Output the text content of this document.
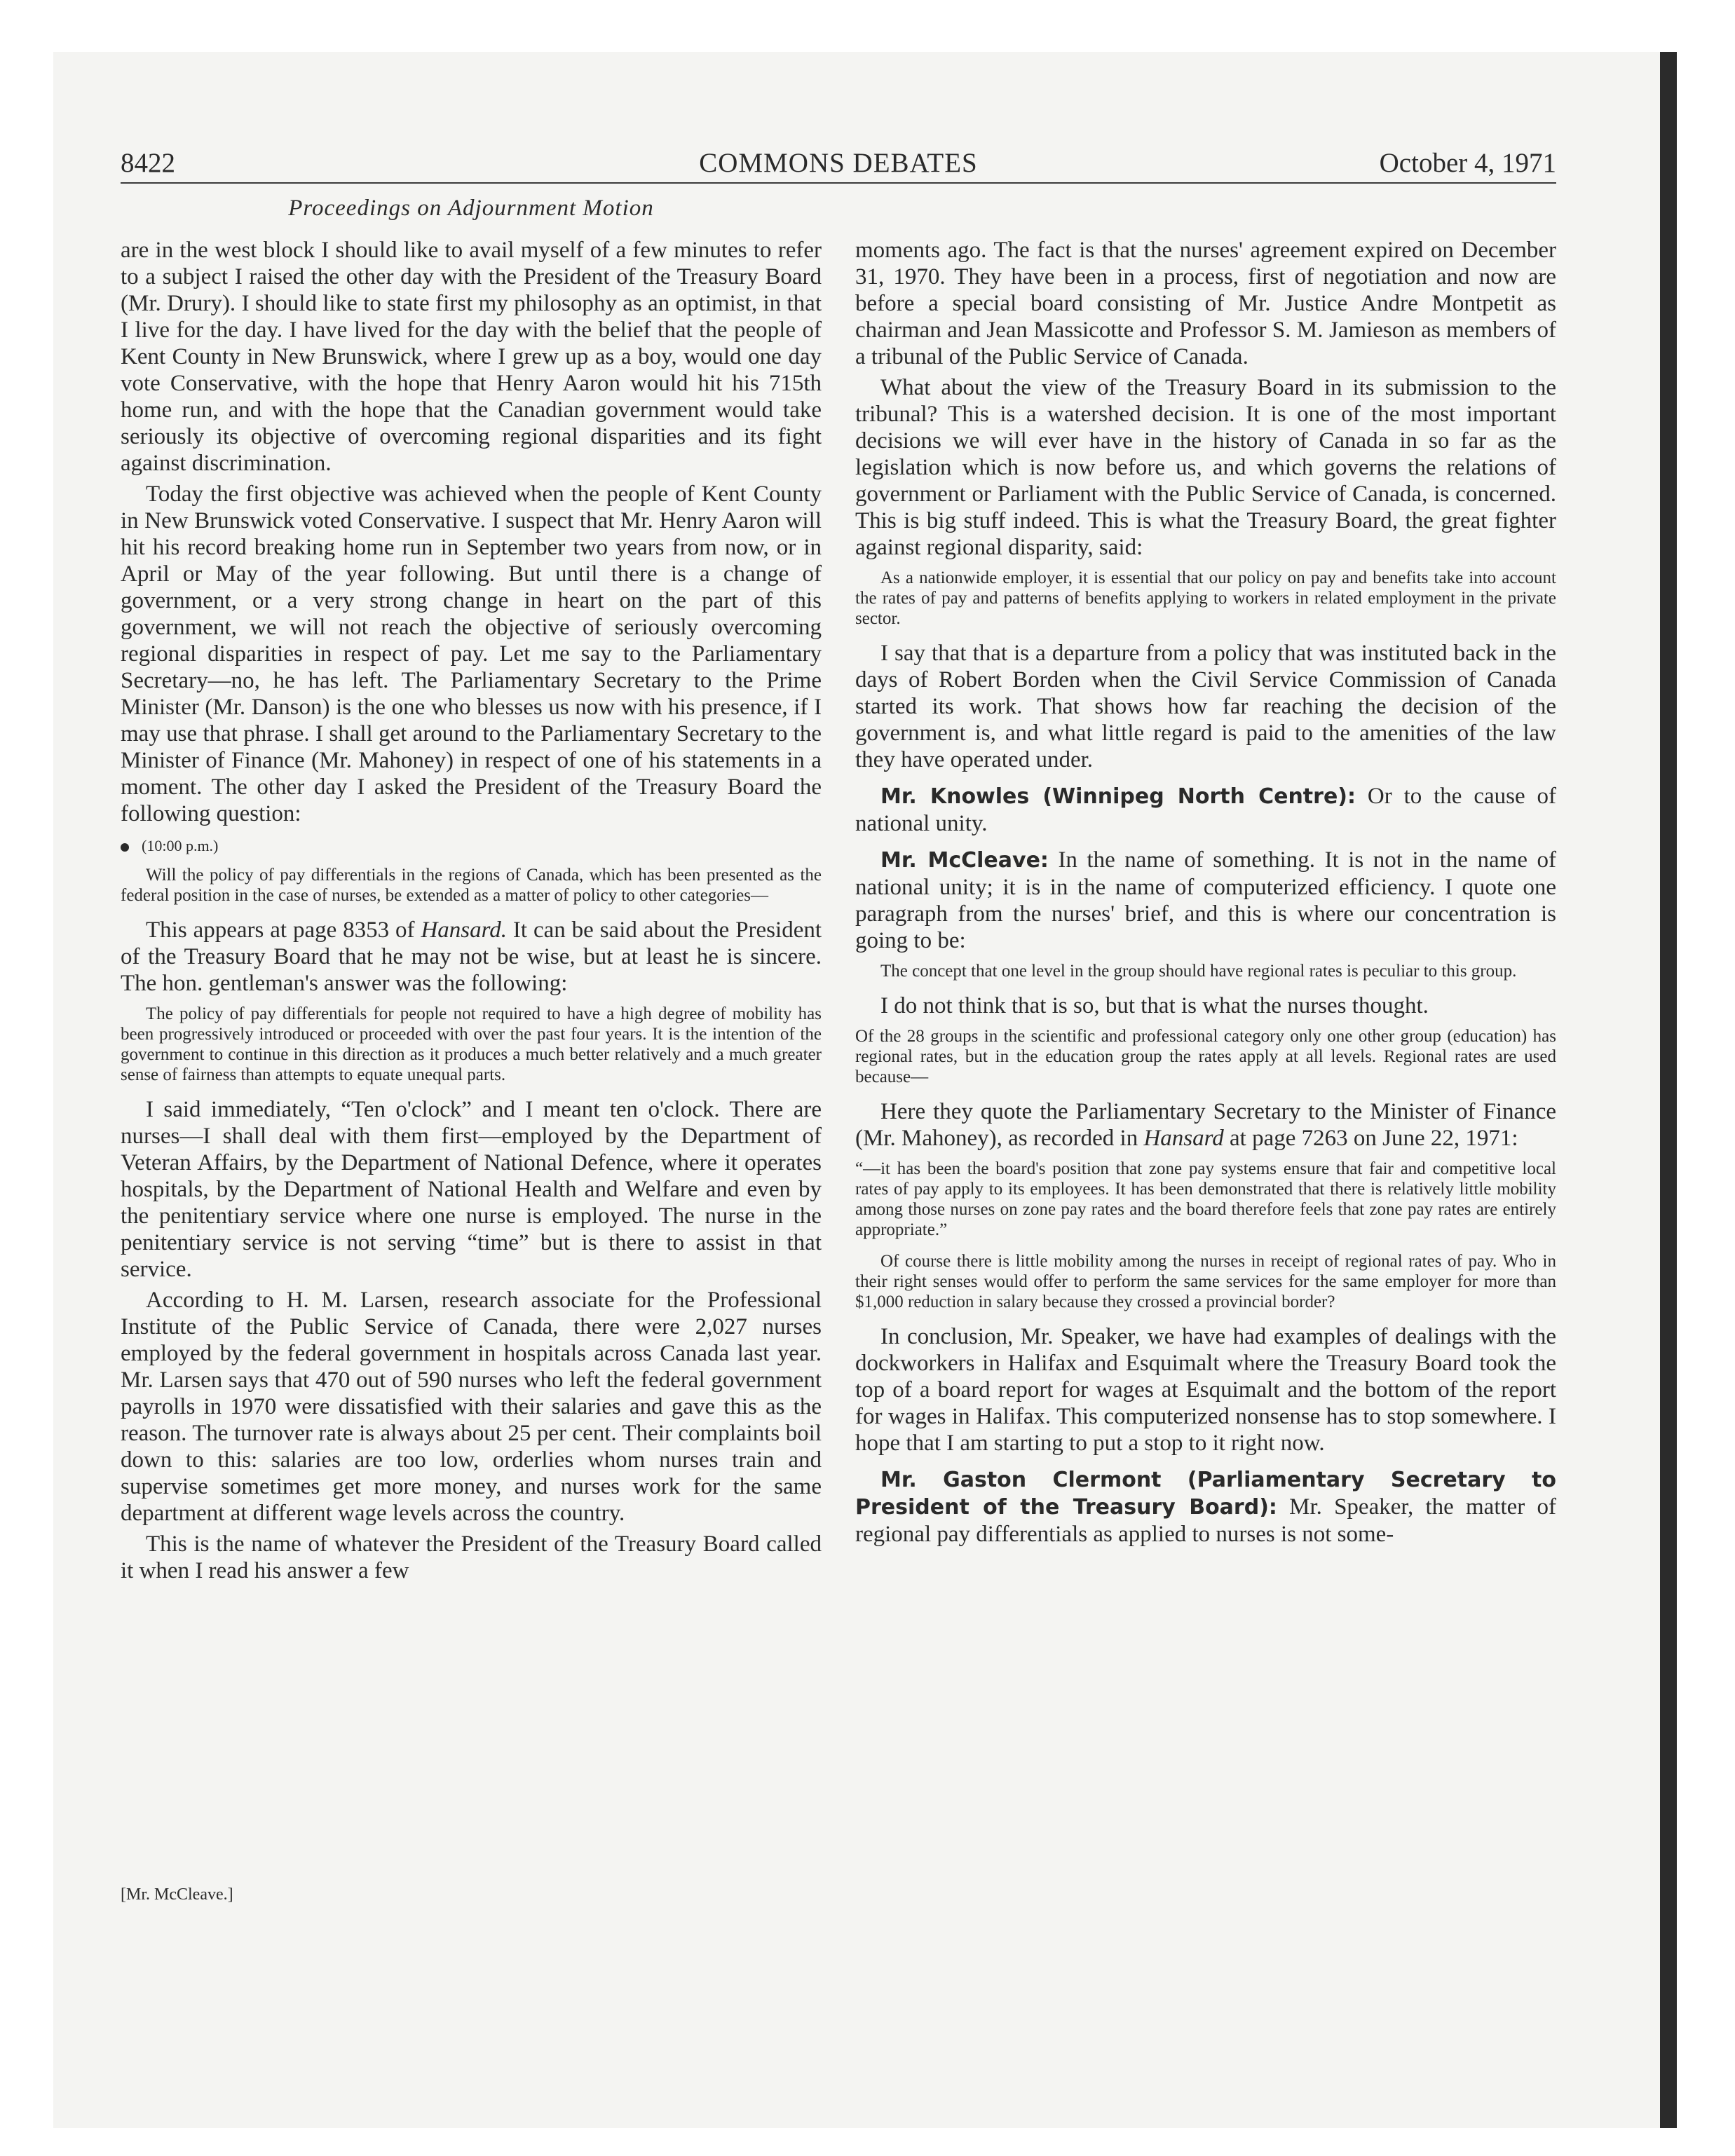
8422	COMMONS DEBATES	October 4, 1971
Proceedings on Adjournment Motion

are in the west block I should like to avail myself of a few minutes to refer to a subject I raised the other day with the President of the Treasury Board (Mr. Drury). I should like to state first my philosophy as an optimist, in that I live for the day. I have lived for the day with the belief that the people of Kent County in New Brunswick, where I grew up as a boy, would one day vote Conservative, with the hope that Henry Aaron would hit his 715th home run, and with the hope that the Canadian government would take seriously its objective of overcoming regional disparities and its fight against discrimination.

Today the first objective was achieved when the people of Kent County in New Brunswick voted Conservative. I suspect that Mr. Henry Aaron will hit his record breaking home run in September two years from now, or in April or May of the year following. But until there is a change of government, or a very strong change in heart on the part of this government, we will not reach the objective of seriously overcoming regional disparities in respect of pay. Let me say to the Parliamentary Secretary—no, he has left. The Parliamentary Secretary to the Prime Minister (Mr. Danson) is the one who blesses us now with his presence, if I may use that phrase. I shall get around to the Parliamentary Secretary to the Minister of Finance (Mr. Mahoney) in respect of one of his statements in a moment. The other day I asked the President of the Treasury Board the following question:

(10:00 p.m.)

Will the policy of pay differentials in the regions of Canada, which has been presented as the federal position in the case of nurses, be extended as a matter of policy to other categories—

This appears at page 8353 of Hansard. It can be said about the President of the Treasury Board that he may not be wise, but at least he is sincere. The hon. gentleman's answer was the following:

The policy of pay differentials for people not required to have a high degree of mobility has been progressively introduced or proceeded with over the past four years. It is the intention of the government to continue in this direction as it produces a much better relatively and a much greater sense of fairness than attempts to equate unequal parts.

I said immediately, “Ten o'clock” and I meant ten o'clock. There are nurses—I shall deal with them first—employed by the Department of Veteran Affairs, by the Department of National Defence, where it operates hospitals, by the Department of National Health and Welfare and even by the penitentiary service where one nurse is employed. The nurse in the penitentiary service is not serving “time” but is there to assist in that service.

According to H. M. Larsen, research associate for the Professional Institute of the Public Service of Canada, there were 2,027 nurses employed by the federal government in hospitals across Canada last year. Mr. Larsen says that 470 out of 590 nurses who left the federal government payrolls in 1970 were dissatisfied with their salaries and gave this as the reason. The turnover rate is always about 25 per cent. Their complaints boil down to this: salaries are too low, orderlies whom nurses train and supervise sometimes get more money, and nurses work for the same department at different wage levels across the country.

This is the name of whatever the President of the Treasury Board called it when I read his answer a few

[Mr. McCleave.]

moments ago. The fact is that the nurses' agreement expired on December 31, 1970. They have been in a process, first of negotiation and now are before a special board consisting of Mr. Justice Andre Montpetit as chairman and Jean Massicotte and Professor S. M. Jamieson as members of a tribunal of the Public Service of Canada.

What about the view of the Treasury Board in its submission to the tribunal? This is a watershed decision. It is one of the most important decisions we will ever have in the history of Canada in so far as the legislation which is now before us, and which governs the relations of government or Parliament with the Public Service of Canada, is concerned. This is big stuff indeed. This is what the Treasury Board, the great fighter against regional disparity, said:

As a nationwide employer, it is essential that our policy on pay and benefits take into account the rates of pay and patterns of benefits applying to workers in related employment in the private sector.

I say that that is a departure from a policy that was instituted back in the days of Robert Borden when the Civil Service Commission of Canada started its work. That shows how far reaching the decision of the government is, and what little regard is paid to the amenities of the law they have operated under.

Mr. Knowles (Winnipeg North Centre): Or to the cause of national unity.

Mr. McCleave: In the name of something. It is not in the name of national unity; it is in the name of computerized efficiency. I quote one paragraph from the nurses' brief, and this is where our concentration is going to be:

The concept that one level in the group should have regional rates is peculiar to this group.

I do not think that is so, but that is what the nurses thought.

Of the 28 groups in the scientific and professional category only one other group (education) has regional rates, but in the education group the rates apply at all levels. Regional rates are used because—

Here they quote the Parliamentary Secretary to the Minister of Finance (Mr. Mahoney), as recorded in Hansard at page 7263 on June 22, 1971:

“—it has been the board's position that zone pay systems ensure that fair and competitive local rates of pay apply to its employees. It has been demonstrated that there is relatively little mobility among those nurses on zone pay rates and the board therefore feels that zone pay rates are entirely appropriate.”

Of course there is little mobility among the nurses in receipt of regional rates of pay. Who in their right senses would offer to perform the same services for the same employer for more than $1,000 reduction in salary because they crossed a provincial border?

In conclusion, Mr. Speaker, we have had examples of dealings with the dockworkers in Halifax and Esquimalt where the Treasury Board took the top of a board report for wages at Esquimalt and the bottom of the report for wages in Halifax. This computerized nonsense has to stop somewhere. I hope that I am starting to put a stop to it right now.

Mr. Gaston Clermont (Parliamentary Secretary to President of the Treasury Board): Mr. Speaker, the matter of regional pay differentials as applied to nurses is not some-
